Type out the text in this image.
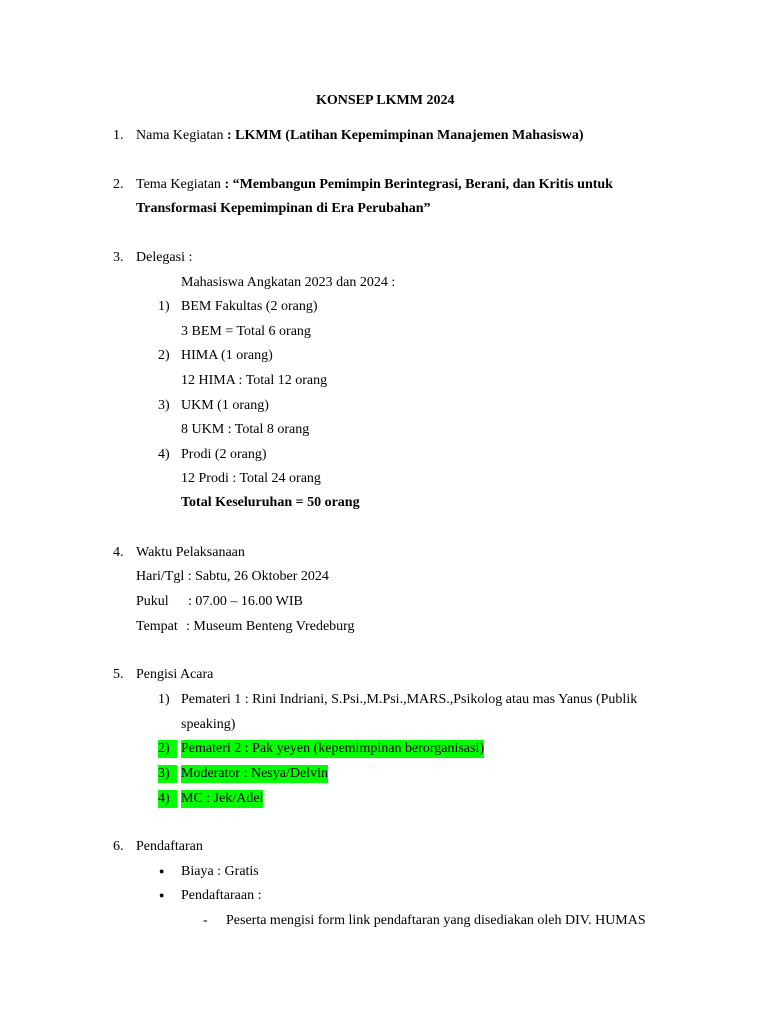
KONSEP LKMM 2024
1. Nama Kegiatan : LKMM (Latihan Kepemimpinan Manajemen Mahasiswa)
2. Tema Kegiatan : “Membangun Pemimpin Berintegrasi, Berani, dan Kritis untuk
Transformasi Kepemimpinan di Era Perubahan”
3. Delegasi :
Mahasiswa Angkatan 2023 dan 2024 :
1) BEM Fakultas (2 orang)
3 BEM = Total 6 orang
2) HIMA (1 orang)
12 HIMA : Total 12 orang
3) UKM (1 orang)
8 UKM : Total 8 orang
4) Prodi (2 orang)
12 Prodi : Total 24 orang
Total Keseluruhan = 50 orang
4. Waktu Pelaksanaan
Hari/Tgl : Sabtu, 26 Oktober 2024
Pukul : 07.00 – 16.00 WIB
Tempat : Museum Benteng Vredeburg
5. Pengisi Acara
1) Pemateri 1 : Rini Indriani, S.Psi.,M.Psi.,MARS.,Psikolog atau mas Yanus (Publik
speaking)
2) Pemateri 2 : Pak yeyen (kepemimpinan berorganisasi)
3) Moderator : Nesya/Delvin
4) MC : Jek/Adel
6. Pendaftaran
● Biaya : Gratis
● Pendaftaraan :
- Peserta mengisi form link pendaftaran yang disediakan oleh DIV. HUMAS
